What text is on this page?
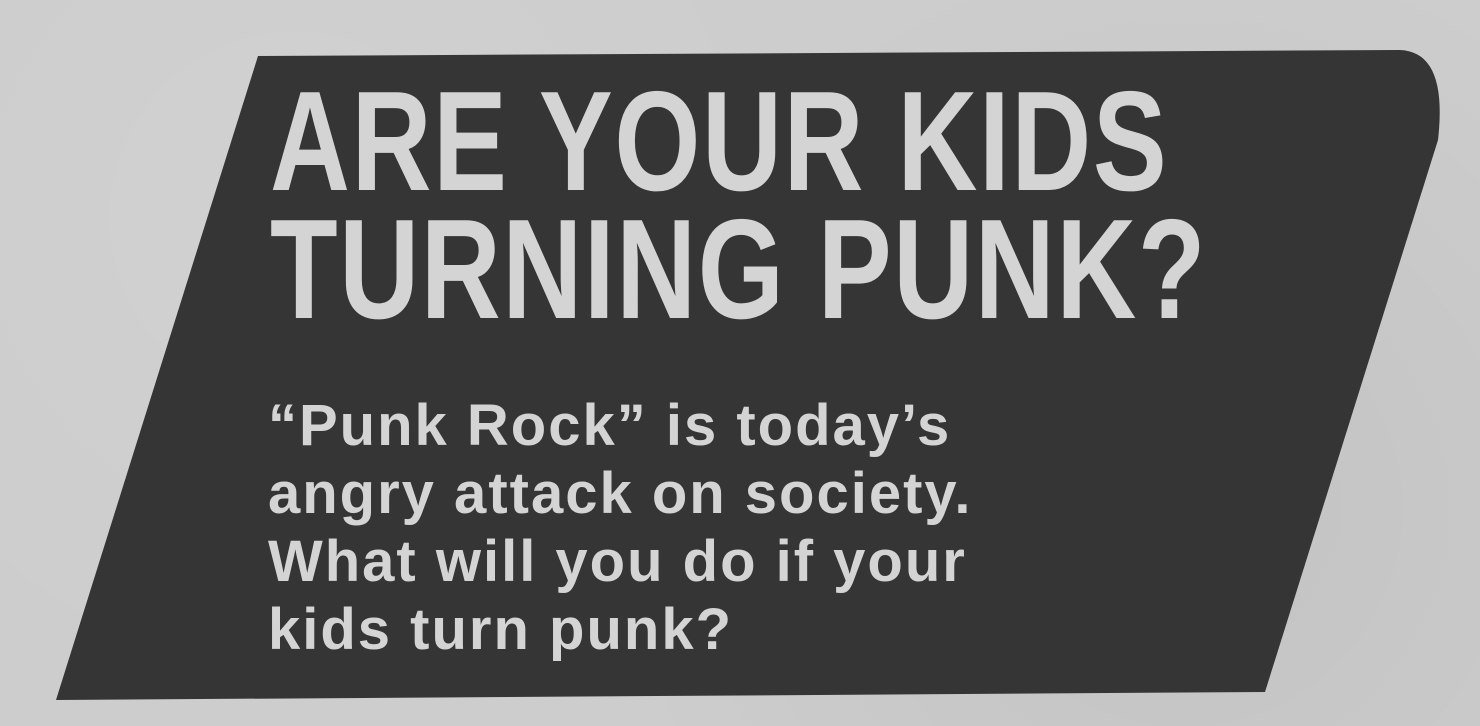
ARE YOUR KIDS
TURNING PUNK?
“Punk Rock” is today’s
angry attack on society.
What will you do if your
kids turn punk?
